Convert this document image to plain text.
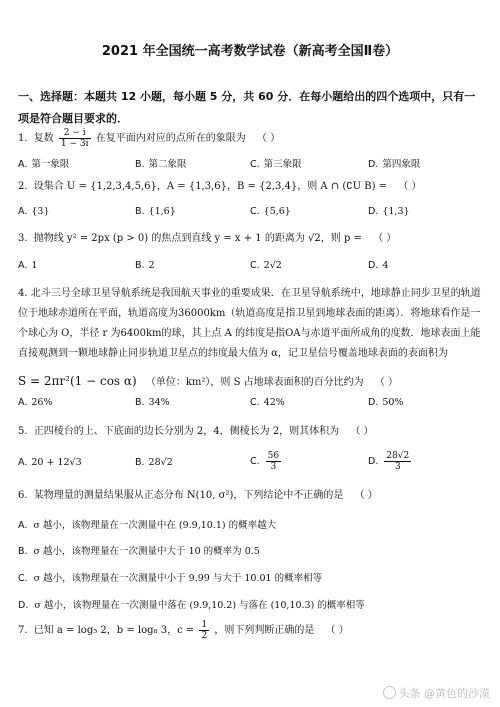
2021 年全国统一高考数学试卷（新高考全国Ⅱ卷）
一、选择题：本题共 12 小题，每小题 5 分，共 60 分．在每小题给出的四个选项中，只有一项是符合题目要求的．
1. 复数 $\frac{2 - i}{1 - 3i}$ 在复平面内对应的点所在的象限为 （ ）
A. 第一象限	B. 第二象限	C. 第三象限	D. 第四象限
2. 设集合 U = {1,2,3,4,5,6}，A = {1,3,6}，B = {2,3,4}，则 A ∩ (∁U B) = （ ）
A. {3}	B. {1,6}	C. {5,6}	D. {1,3}
3. 抛物线 y² = 2px (p > 0) 的焦点到直线 y = x + 1 的距离为 √2，则 p = （ ）
A. 1	B. 2	C. 2√2	D. 4
4. 北斗三号全球卫星导航系统是我国航天事业的重要成果．在卫星导航系统中，地球静止同步卫星的轨道位于地球赤道所在平面，轨道高度为36000km（轨道高度是指卫星到地球表面的距离）．将地球看作是一个球心为 O，半径 r 为6400km的球，其上点 A 的纬度是指OA与赤道平面所成角的度数．地球表面上能直接观测到一颗地球静止同步轨道卫星点的纬度最大值为 α，记卫星信号覆盖地球表面的表面积为
S = 2πr²(1 − cos α) （单位：km²），则 S 占地球表面积的百分比约为 （ ）
A. 26%	B. 34%	C. 42%	D. 50%
5. 正四棱台的上、下底面的边长分别为 2，4，侧棱长为 2，则其体积为 （ ）
A. 20 + 12√3	B. 28√2	C. $\frac{56}{3}$	D. $\frac{28√2}{3}$
6. 某物理量的测量结果服从正态分布 N(10, σ²)，下列结论中不正确的是 （ ）
A. σ 越小，该物理量在一次测量中在 (9.9,10.1) 的概率越大
B. σ 越小，该物理量在一次测量中大于 10 的概率为 0.5
C. σ 越小，该物理量在一次测量中小于 9.99 与大于 10.01 的概率相等
D. σ 越小，该物理量在一次测量中落在 (9.9,10.2) 与落在 (10,10.3) 的概率相等
7. 已知 a = log₅ 2，b = log₈ 3，$c = \frac{1}{2}$ ，则下列判断正确的是 （ ）
头条 @黄色的沙漠
